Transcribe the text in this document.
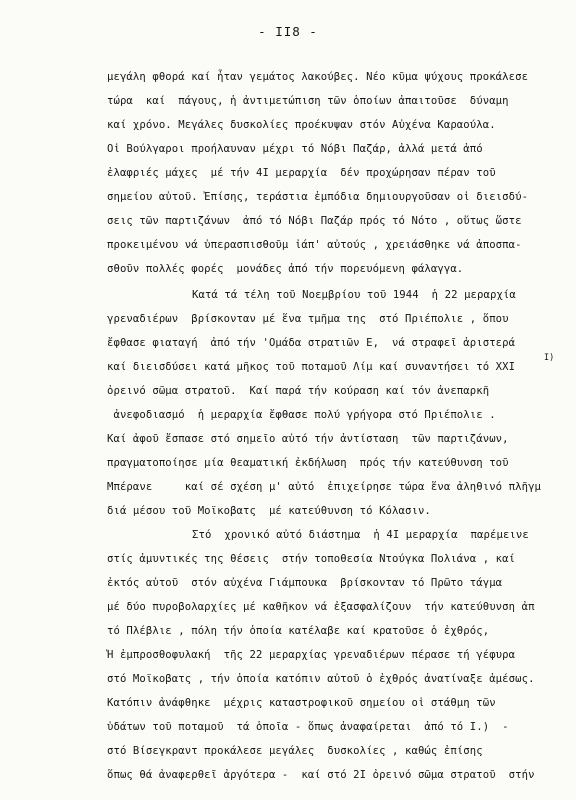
- II8 -
μεγάλη φθορά καί ἦταν γεμάτος λακούβες. Νέο κῦμα ψύχους προκάλεσε
τώρα  καί  πάγους, ἡ ἀντιμετώπιση τῶν ὁποίων ἀπαιτοῦσε  δύναμη
καί χρόνο. Μεγάλες δυσκολίες προέκυψαν στόν Αὐχένα Καραούλα.
Οἱ Βούλγαροι προήλαυναν μέχρι τό Νόβι Παζάρ, ἀλλά μετά ἀπό
ἐλαφριές μάχες  μέ τήν 4I μεραρχία  δέν προχώρησαν πέραν τοῦ
σημείου αὐτοῦ. Ἐπίσης, τεράστια ἐμπόδια δημιουργοῦσαν οἱ διεισδύ-
σεις τῶν παρτιζάνων  ἀπό τό Νόβι Παζάρ πρός τό Νότο , οὕτως ὥστε
προκειμένου νά ὑπερασπισθοῦμ ἰάπ' αὐτούς , χρειάσθηκε νά ἀποσπα-
σθοῦν πολλές φορές  μονάδες ἀπό τήν πορευόμενη φάλαγγα.
Κατά τά τέλη τοῦ Νοεμβρίου τοῦ 1944  ἡ 22 μεραρχία
γρεναδιέρων  βρίσκονταν μέ ἕνα τμῆμα της  στό Πριέπολιε , ὅπου
ἔφθασε φιαταγή  ἀπό τήν 'Ομάδα στρατιῶν Ε,  νά στραφεῖ ἀριστερά
καί διεισδύσει κατά μῆκος τοῦ ποταμοῦ Λίμ καί συναντήσει τό XXI
I)
ὀρεινό σῶμα στρατοῦ.  Καί παρά τήν κούραση καί τόν ἀνεπαρκῆ
ἀνεφοδιασμό  ἡ μεραρχία ἔφθασε πολύ γρήγορα στό Πριέπολιε .
Καί ἀφοῦ ἔσπασε στό σημεῖο αὐτό τήν ἀντίσταση  τῶν παρτιζάνων,
πραγματοποίησε μία θεαματική ἐκδήλωση  πρός τήν κατεύθυνση τοῦ
Μπέρανε     καί σέ σχέση μ' αὐτό  ἐπιχείρησε τώρα ἕνα ἀληθινό πλῆγμ
διά μέσου τοῦ Μοϊκοβατς  μέ κατεύθυνση τό Κόλασιν.
Στό  χρονικό αὐτό διάστημα  ἡ 4I μεραρχία  παρέμεινε
στίς ἀμυντικές της θέσεις  στήν τοποθεσία Ντούγκα Πολιάνα , καί
ἐκτός αὐτοῦ  στόν αὐχένα Γιάμπουκα  βρίσκονταν τό Πρῶτο τάγμα
μέ δύο πυροβολαρχίες μέ καθῆκον νά ἐξασφαλίζουν  τήν κατεύθυνση ἀπ
τό Πλέβλιε , πόλη τήν ὁποία κατέλαβε καί κρατοῦσε ὁ ἐχθρός,
Ἡ ἐμπροσθοφυλακή  τῆς 22 μεραρχίας γρεναδιέρων πέρασε τή γέφυρα
στό Μοϊκοβατς , τήν ὁποία κατόπιν αὐτοῦ ὁ ἐχθρός ἀνατίναξε ἀμέσως.
Κατόπιν ἀνάφθηκε  μέχρις καταστροφικοῦ σημείου οἱ στάθμη τῶν
ὑδάτων τοῦ ποταμοῦ  τά ὁποῖα - ὅπως ἀναφαίρεται  ἀπό τό Ι.)  -
στό Βίσεγκραντ προκάλεσε μεγάλες  δυσκολίες , καθώς ἐπίσης
ὅπως θά ἀναφερθεῖ ἀργότερα -  καί στό 2Ι ὀρεινό σῶμα στρατοῦ  στήν
